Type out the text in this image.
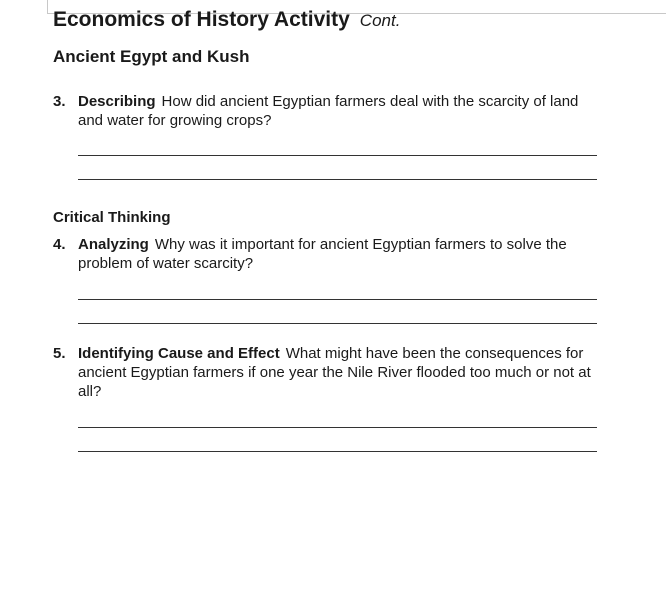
Economics of History Activity Cont.
Ancient Egypt and Kush
3. Describing How did ancient Egyptian farmers deal with the scarcity of land and water for growing crops?
Critical Thinking
4. Analyzing Why was it important for ancient Egyptian farmers to solve the problem of water scarcity?
5. Identifying Cause and Effect What might have been the consequences for ancient Egyptian farmers if one year the Nile River flooded too much or not at all?
